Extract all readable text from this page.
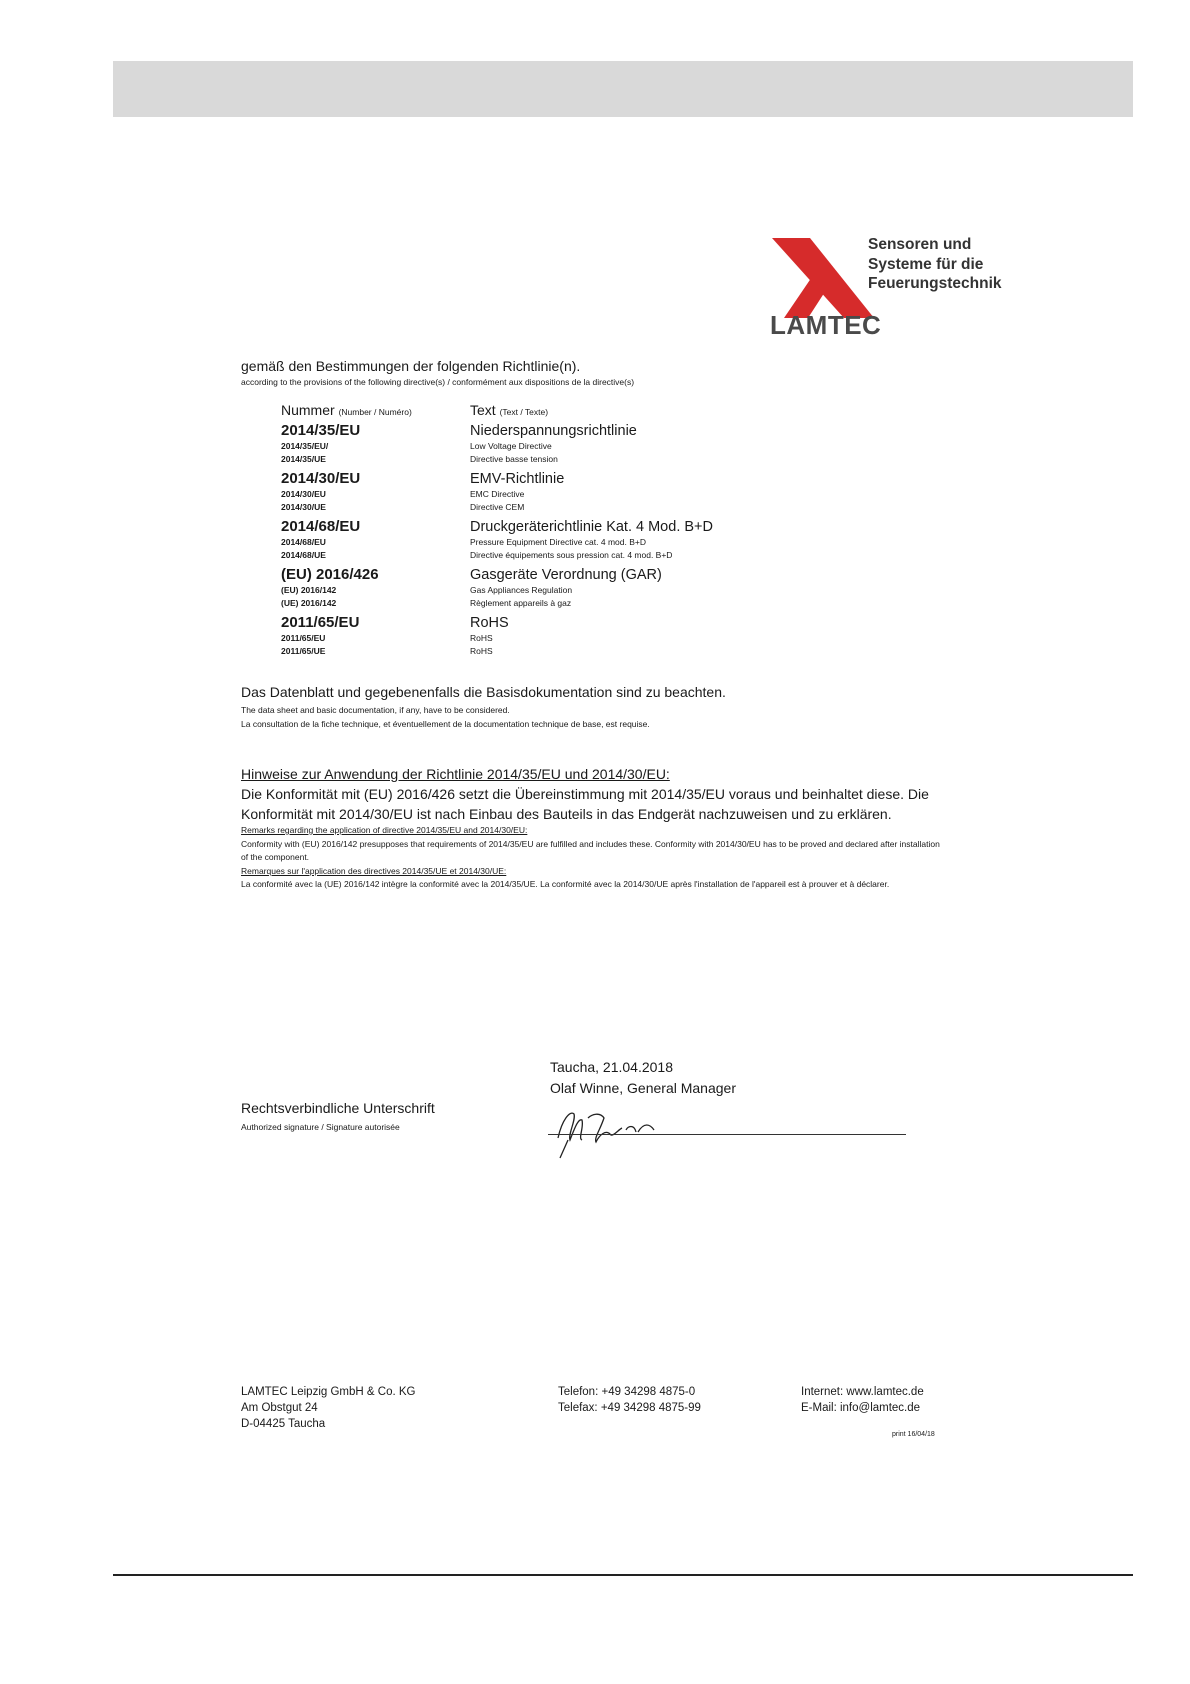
LAMTEC
Sensoren und
Systeme für die
Feuerungstechnik
gemäß den Bestimmungen der folgenden Richtlinie(n).
according to the provisions of the following directive(s) / conformément aux dispositions de la directive(s)
Nummer (Number / Numéro)	Text (Text / Texte)
2014/35/EU
2014/35/EU/
2014/35/UE
Niederspannungsrichtlinie
Low Voltage Directive
Directive basse tension
2014/30/EU
2014/30/EU
2014/30/UE
EMV-Richtlinie
EMC Directive
Directive CEM
2014/68/EU
2014/68/EU
2014/68/UE
Druckgeräterichtlinie Kat. 4 Mod. B+D
Pressure Equipment Directive cat. 4 mod. B+D
Directive équipements sous pression cat. 4 mod. B+D
(EU) 2016/426
(EU) 2016/142
(UE) 2016/142
Gasgeräte Verordnung (GAR)
Gas Appliances Regulation
Règlement appareils à gaz
2011/65/EU
2011/65/EU
2011/65/UE
RoHS
RoHS
RoHS
Das Datenblatt und gegebenenfalls die Basisdokumentation sind zu beachten.
The data sheet and basic documentation, if any, have to be considered.
La consultation de la fiche technique, et éventuellement de la documentation technique de base, est requise.
Hinweise zur Anwendung der Richtlinie 2014/35/EU und 2014/30/EU:
Die Konformität mit (EU) 2016/426 setzt die Übereinstimmung mit 2014/35/EU voraus und beinhaltet diese. Die Konformität mit 2014/30/EU ist nach Einbau des Bauteils in das Endgerät nachzuweisen und zu erklären.
Remarks regarding the application of directive 2014/35/EU and 2014/30/EU:
Conformity with (EU) 2016/142 presupposes that requirements of 2014/35/EU are fulfilled and includes these. Conformity with 2014/30/EU has to be proved and declared after installation of the component.
Remarques sur l'application des directives 2014/35/UE et 2014/30/UE:
La conformité avec la (UE) 2016/142 intègre la conformité avec la 2014/35/UE. La conformité avec la 2014/30/UE après l'installation de l'appareil est à prouver et à déclarer.
Taucha, 21.04.2018
Olaf Winne, General Manager
Rechtsverbindliche Unterschrift
Authorized signature / Signature autorisée
LAMTEC Leipzig GmbH & Co. KG
Am Obstgut 24
D-04425 Taucha
Telefon: +49 34298 4875-0
Telefax: +49 34298 4875-99
Internet: www.lamtec.de
E-Mail: info@lamtec.de
print 16/04/18
